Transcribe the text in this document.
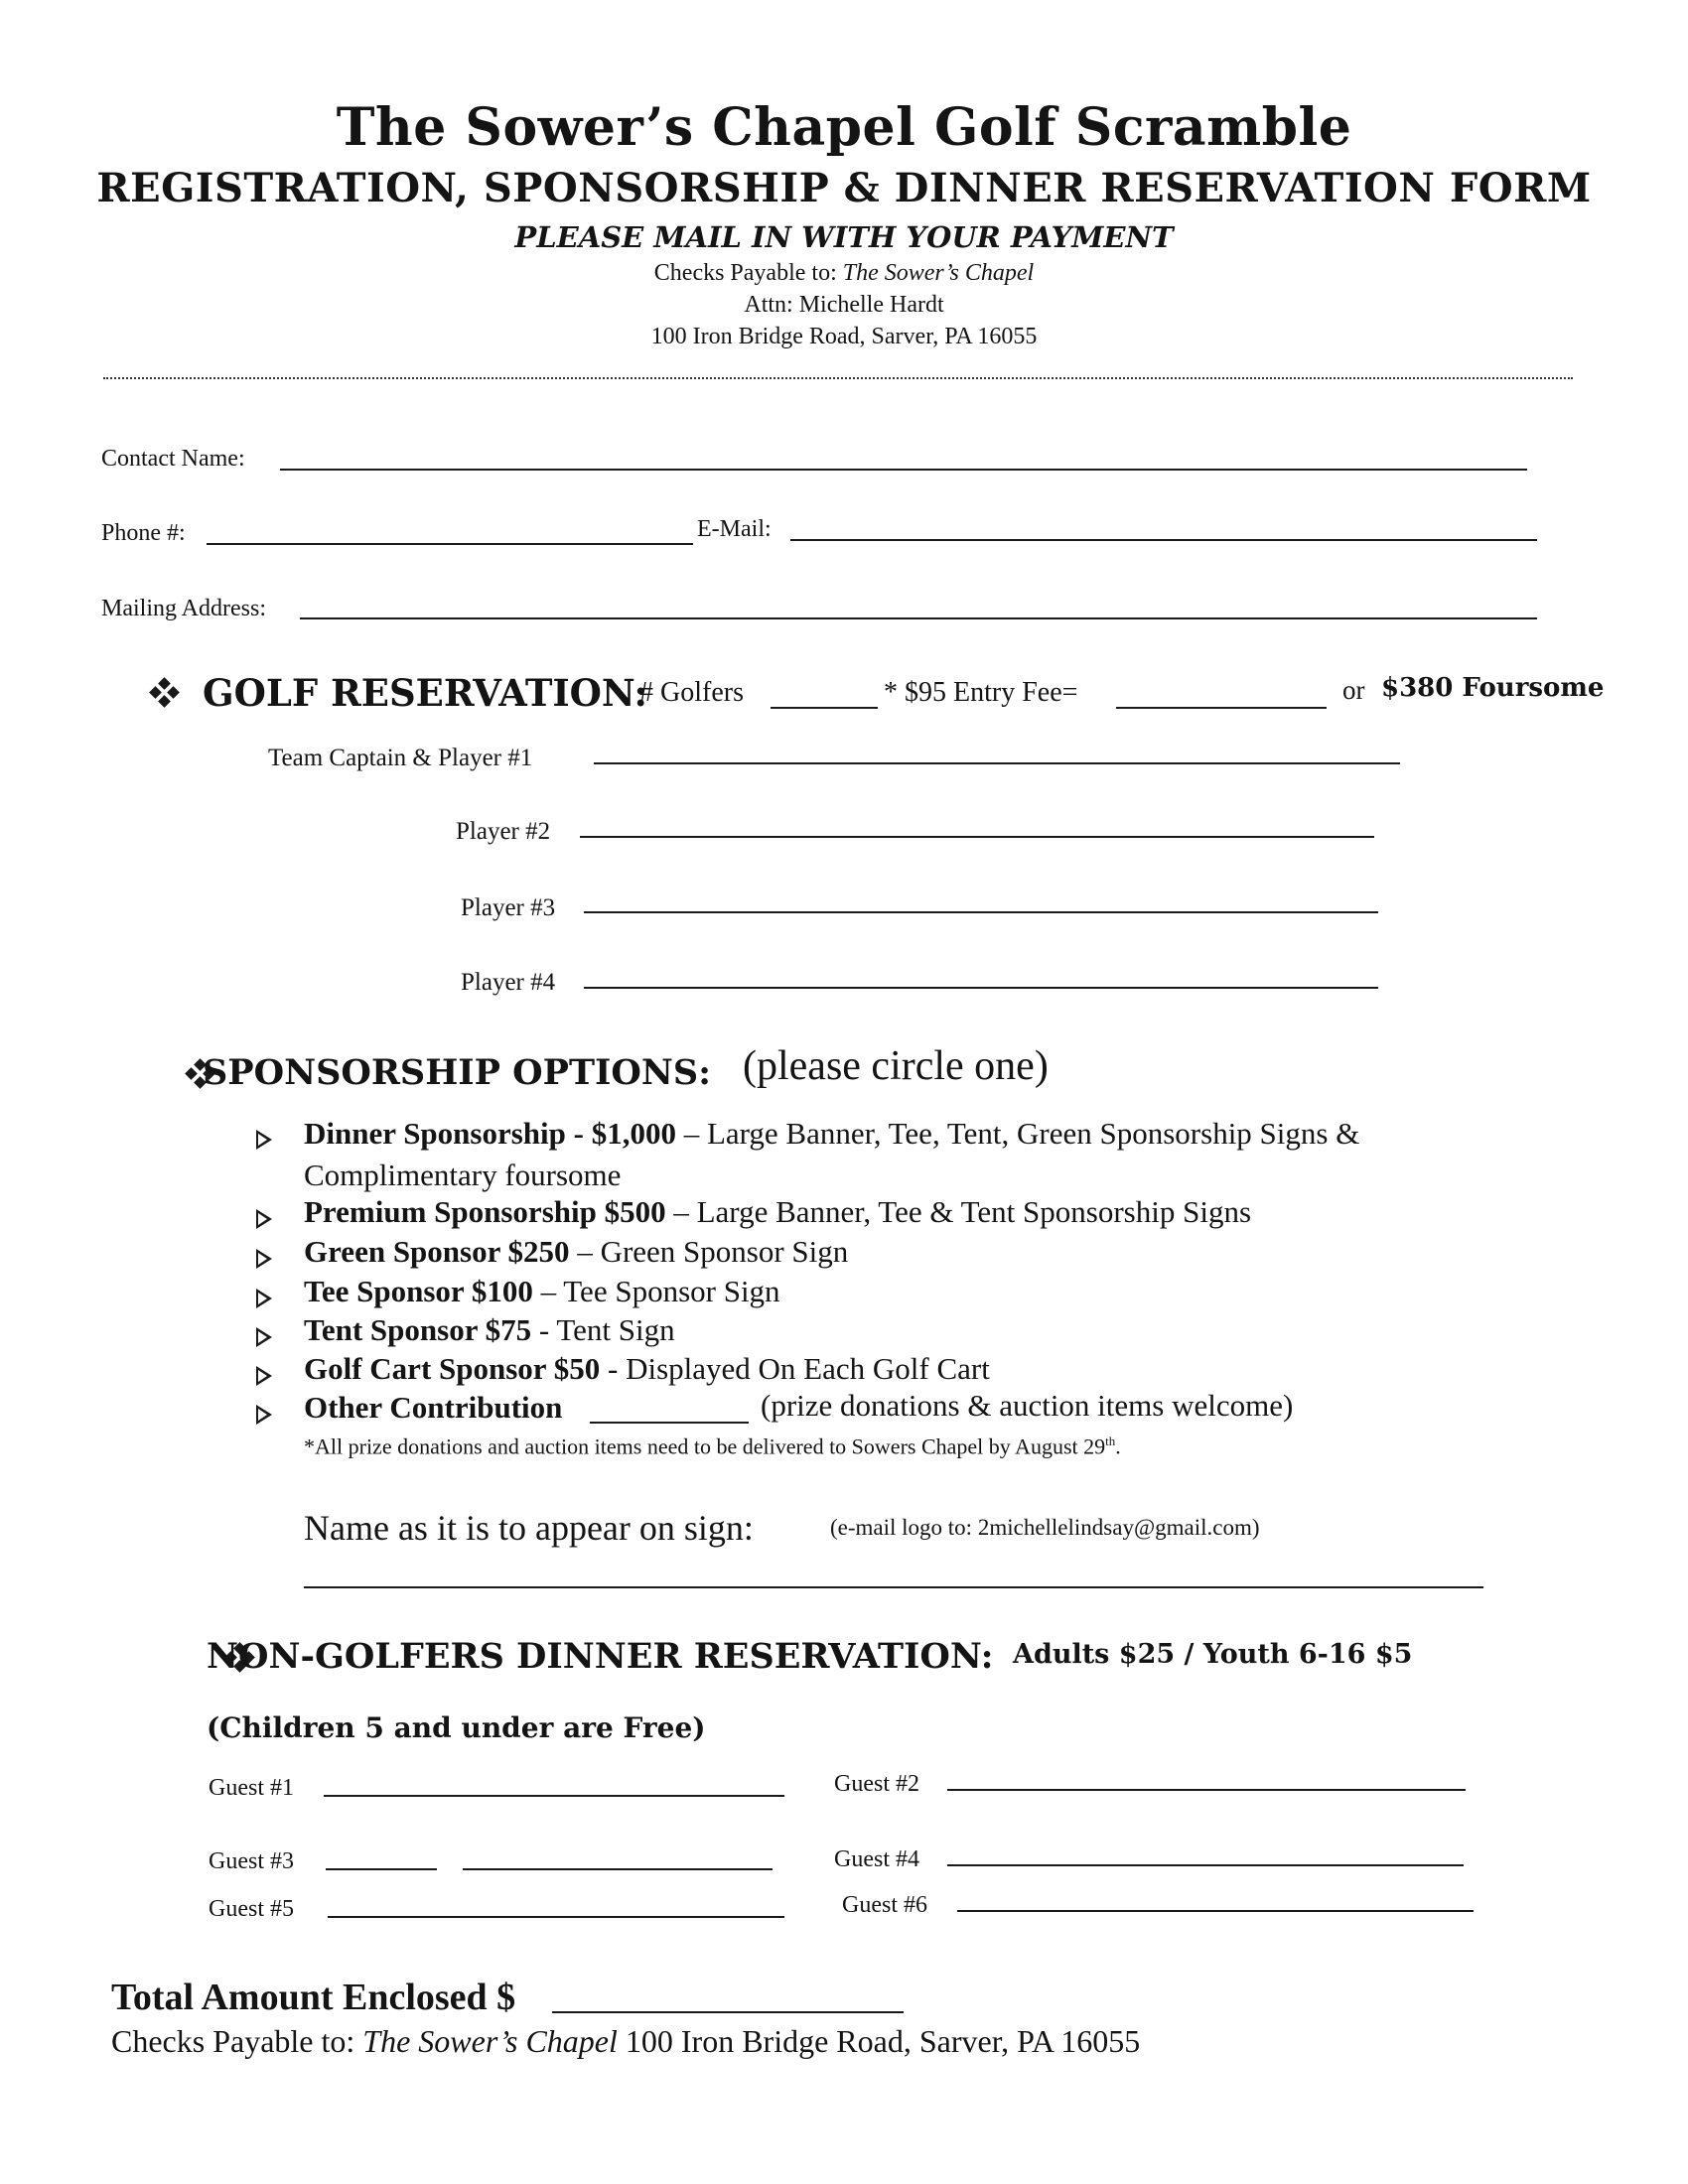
The Sower’s Chapel Golf Scramble
REGISTRATION, SPONSORSHIP & DINNER RESERVATION FORM
PLEASE MAIL IN WITH YOUR PAYMENT
Checks Payable to: The Sower’s Chapel
Attn: Michelle Hardt
100 Iron Bridge Road, Sarver, PA 16055
Contact Name:
Phone #:	E-Mail:
Mailing Address:

GOLF RESERVATION:
# Golfers	* $95 Entry Fee=	or $380 Foursome
Team Captain & Player #1
Player #2
Player #3
Player #4

SPONSORSHIP OPTIONS: (please circle one)
Dinner Sponsorship - $1,000 – Large Banner, Tee, Tent, Green Sponsorship Signs &
Complimentary foursome
Premium Sponsorship $500 – Large Banner, Tee & Tent Sponsorship Signs
Green Sponsor $250 – Green Sponsor Sign
Tee Sponsor $100 – Tee Sponsor Sign
Tent Sponsor $75 - Tent Sign
Golf Cart Sponsor $50 - Displayed On Each Golf Cart
Other Contribution	(prize donations & auction items welcome)
*All prize donations and auction items need to be delivered to Sowers Chapel by August 29th.
Name as it is to appear on sign:	(e-mail logo to: 2michellelindsay@gmail.com)
NON-GOLFERS DINNER RESERVATION: Adults $25 / Youth 6-16 $5
(Children 5 and under are Free)
Guest #1	Guest #2
Guest #3	Guest #4
Guest #5	Guest #6
Total Amount Enclosed $
Checks Payable to: The Sower’s Chapel 100 Iron Bridge Road, Sarver, PA 16055
